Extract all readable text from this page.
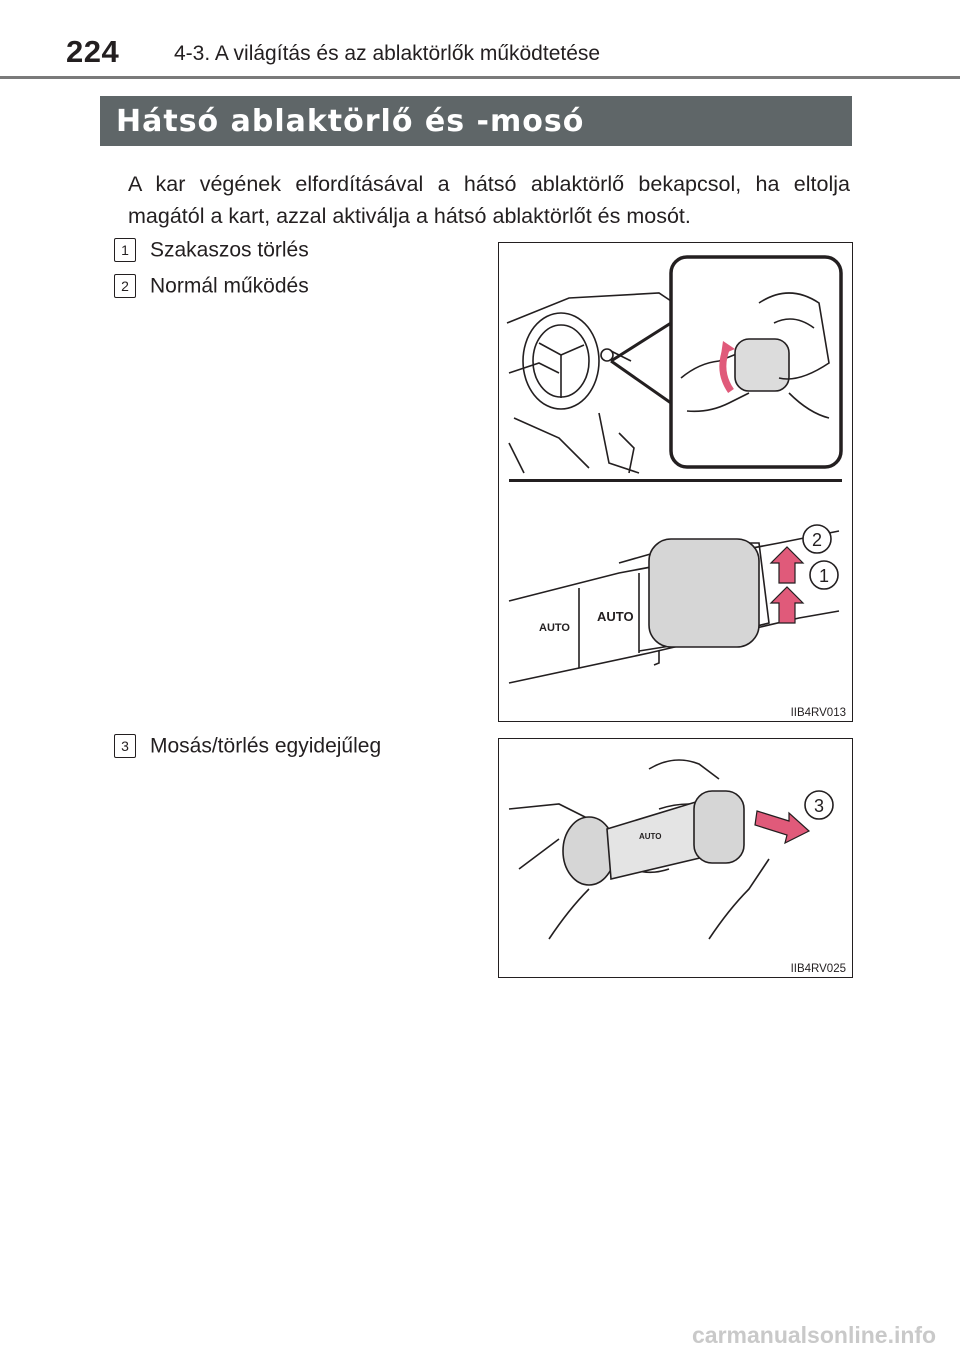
224	4-3. A világítás és az ablaktörlők működtetése
Hátsó ablaktörlő és -mosó
A kar végének elfordításával a hátsó ablaktörlő bekapcsol, ha eltolja magától a kart, azzal aktiválja a hátsó ablaktörlőt és mosót.
1 Szakaszos törlés
2 Normál működés
3 Mosás/törlés egyidejűleg
AUTO
AUTO
2
1
IIB4RV013
AUTO
3
IIB4RV025
carmanualsonline.info
